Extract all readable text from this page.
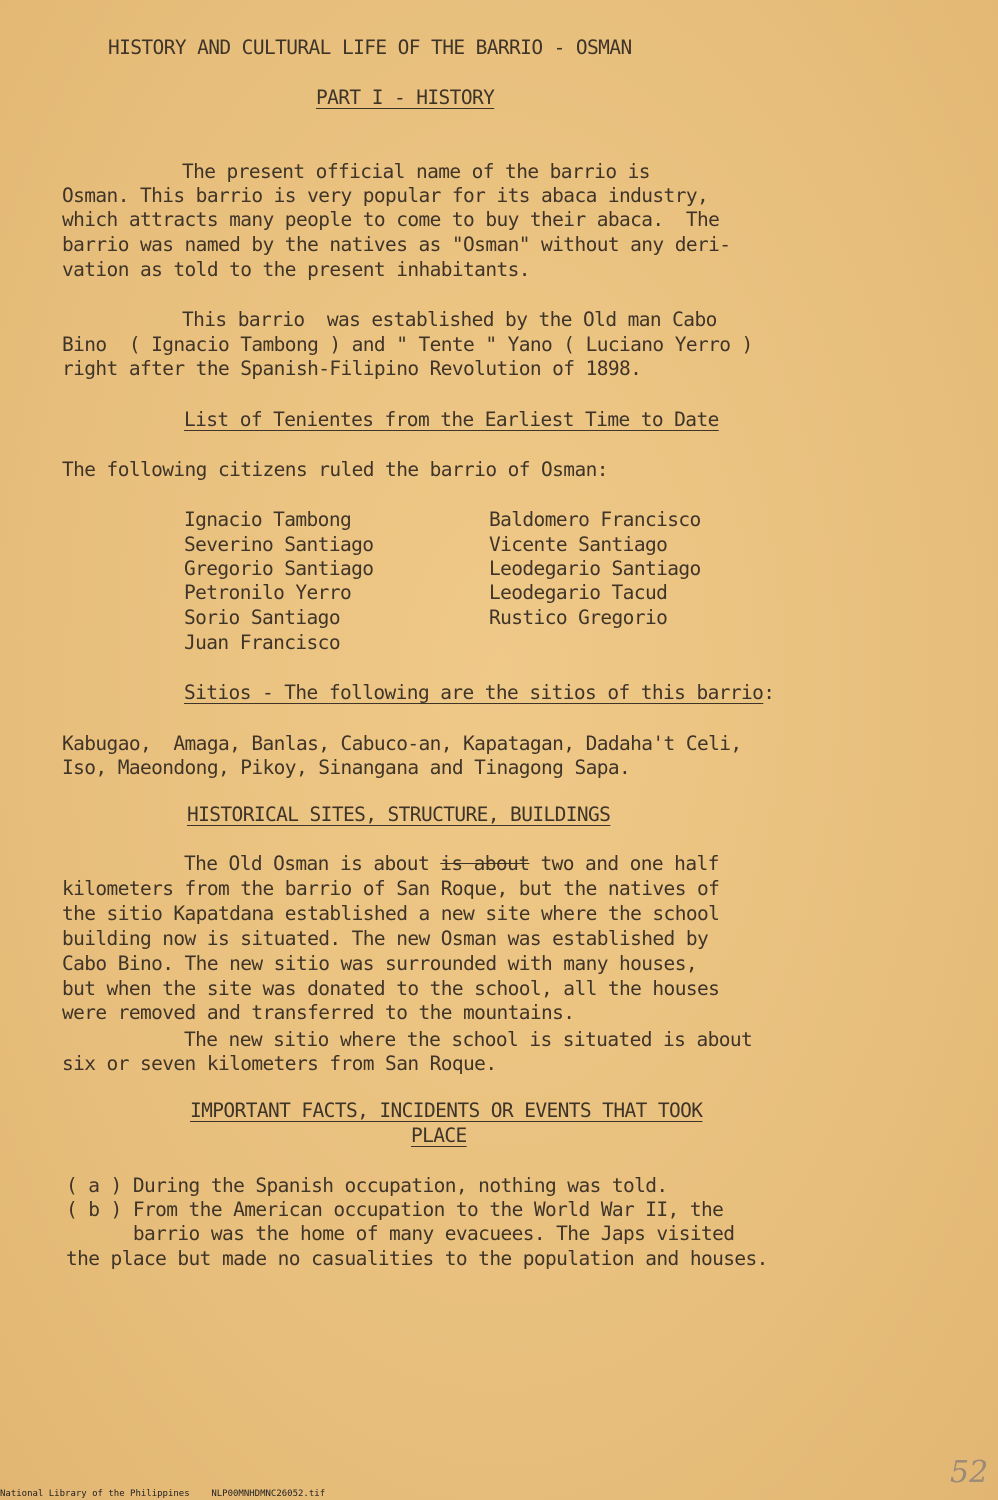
HISTORY AND CULTURAL LIFE OF THE BARRIO - OSMAN
PART I - HISTORY
The present official name of the barrio is
Osman. This barrio is very popular for its abaca industry,
which attracts many people to come to buy their abaca.  The
barrio was named by the natives as "Osman" without any deri-
vation as told to the present inhabitants.
This barrio  was established by the Old man Cabo
Bino  ( Ignacio Tambong ) and " Tente " Yano ( Luciano Yerro )
right after the Spanish-Filipino Revolution of 1898.
List of Tenientes from the Earliest Time to Date
The following citizens ruled the barrio of Osman:
Ignacio Tambong
Severino Santiago
Gregorio Santiago
Petronilo Yerro
Sorio Santiago
Juan Francisco
Baldomero Francisco
Vicente Santiago
Leodegario Santiago
Leodegario Tacud
Rustico Gregorio
Sitios - The following are the sitios of this barrio:
Kabugao,  Amaga, Banlas, Cabuco-an, Kapatagan, Dadaha't Celi,
Iso, Maeondong, Pikoy, Sinangana and Tinagong Sapa.
HISTORICAL SITES, STRUCTURE, BUILDINGS
The Old Osman is about is about two and one half
kilometers from the barrio of San Roque, but the natives of
the sitio Kapatdana established a new site where the school
building now is situated. The new Osman was established by
Cabo Bino. The new sitio was surrounded with many houses,
but when the site was donated to the school, all the houses
were removed and transferred to the mountains.
The new sitio where the school is situated is about
six or seven kilometers from San Roque.
IMPORTANT FACTS, INCIDENTS OR EVENTS THAT TOOK
PLACE
( a ) During the Spanish occupation, nothing was told.
( b ) From the American occupation to the World War II, the
barrio was the home of many evacuees. The Japs visited
the place but made no casualities to the population and houses.
52
National Library of the Philippines    NLP00MNHDMNC26052.tif
